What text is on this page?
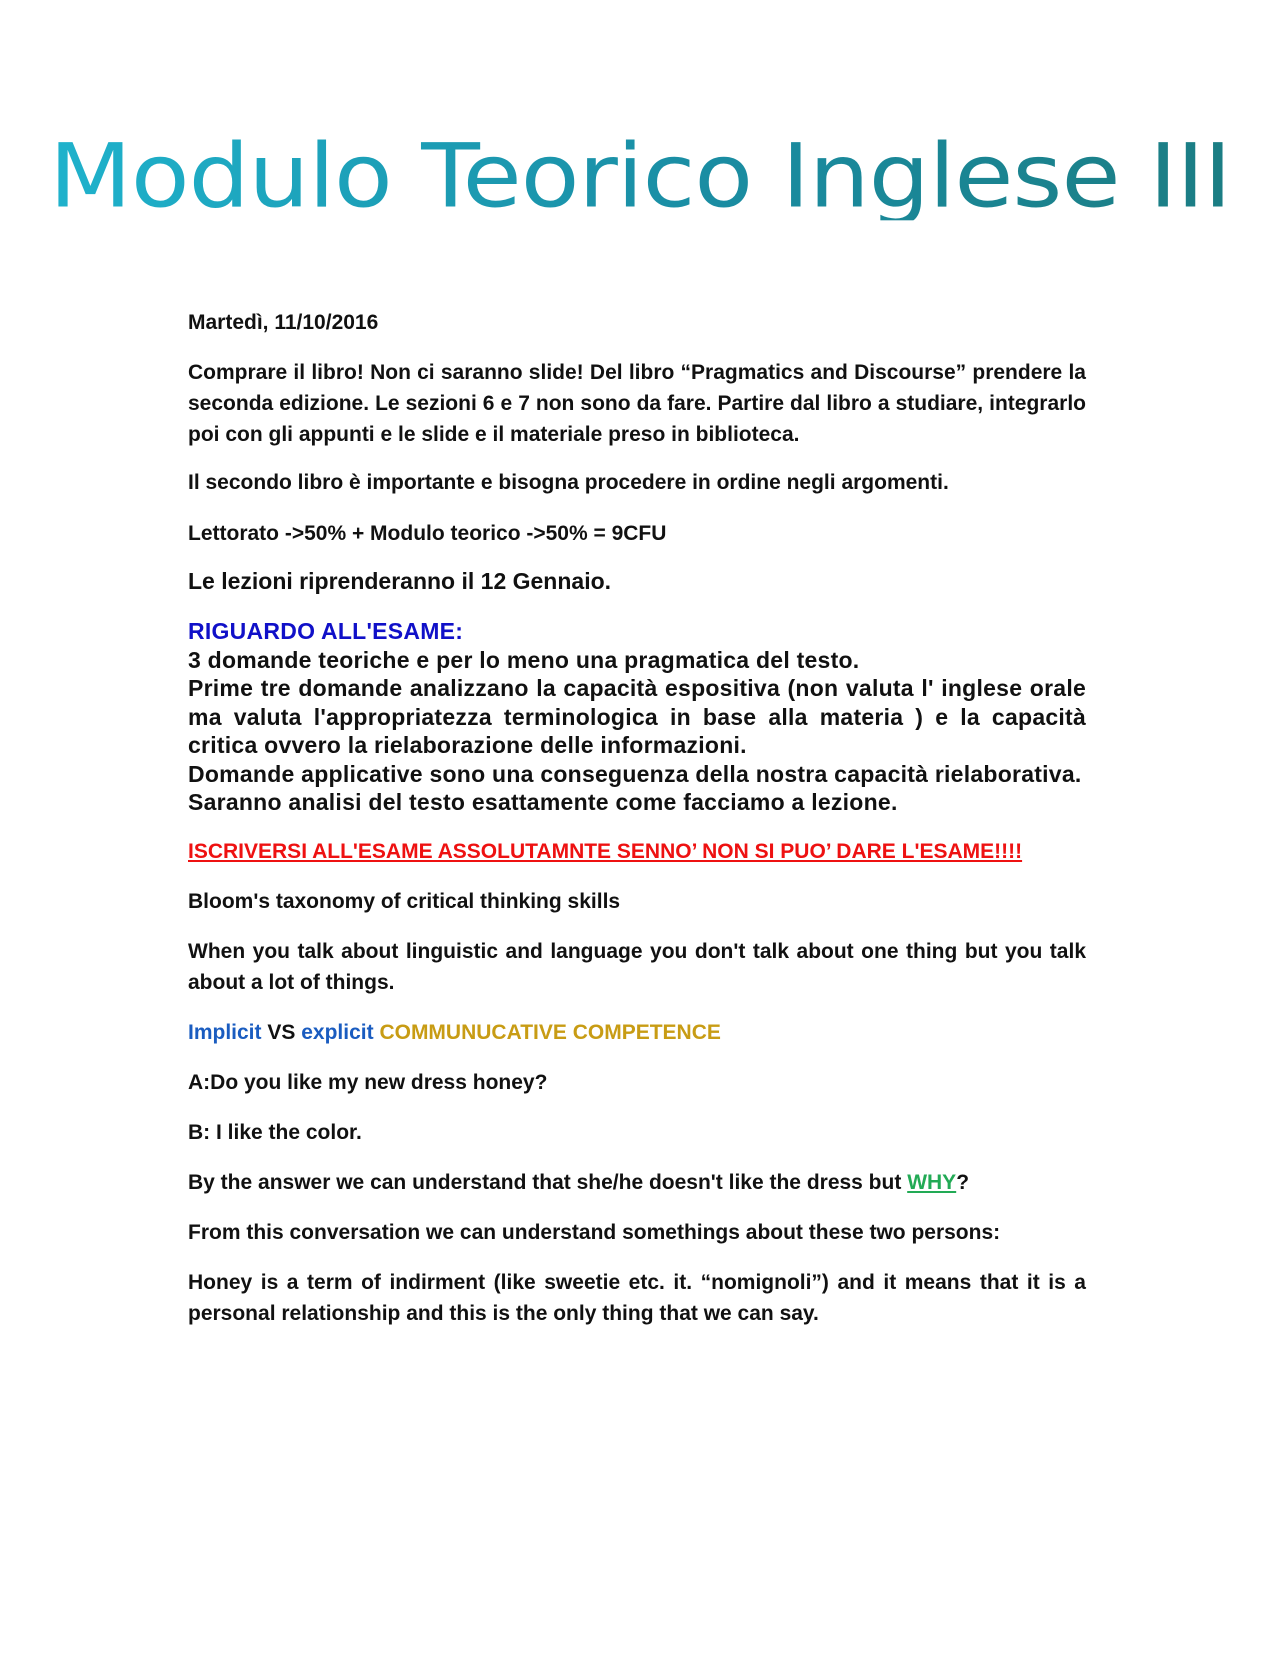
Modulo Teorico Inglese III

Martedì, 11/10/2016

Comprare il libro! Non ci saranno slide! Del libro “Pragmatics and Discourse” prendere la seconda edizione. Le sezioni 6 e 7 non sono da fare. Partire dal libro a studiare, integrarlo poi con gli appunti e le slide e il materiale preso in biblioteca.

Il secondo libro è importante e bisogna procedere in ordine negli argomenti.

Lettorato ->50% + Modulo teorico ->50% = 9CFU

Le lezioni riprenderanno il 12 Gennaio.

RIGUARDO ALL'ESAME:

3 domande teoriche e per lo meno una pragmatica del testo.

Prime tre domande analizzano la capacità espositiva (non valuta l' inglese orale ma valuta l'appropriatezza terminologica in base alla materia ) e la capacità critica ovvero la rielaborazione delle informazioni.

Domande applicative sono una conseguenza della nostra capacità rielaborativa.

Saranno analisi del testo esattamente come facciamo a lezione.

ISCRIVERSI ALL'ESAME ASSOLUTAMNTE SENNO’ NON SI PUO’ DARE L'ESAME!!!!

Bloom's taxonomy of critical thinking skills

When you talk about linguistic and language you don't talk about one thing but you talk about a lot of things.

Implicit VS explicit COMMUNUCATIVE COMPETENCE

A:Do you like my new dress honey?

B: I like the color.

By the answer we can understand that she/he doesn't like the dress but WHY?

From this conversation we can understand somethings about these two persons:

Honey is a term of indirment (like sweetie etc. it. “nomignoli”) and it means that it is a personal relationship and this is the only thing that we can say.
